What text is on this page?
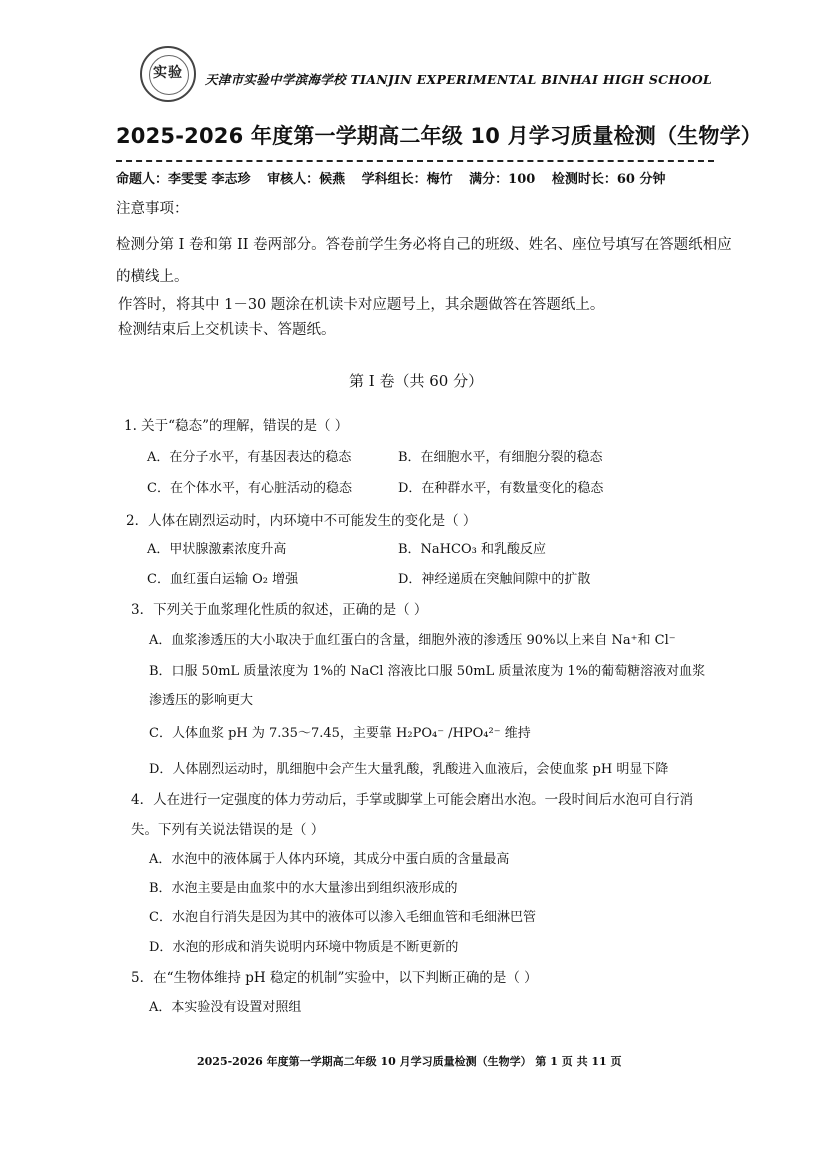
实验 天津市实验中学滨海学校 TIANJIN EXPERIMENTAL BINHAI HIGH SCHOOL
2025-2026 年度第一学期高二年级 10 月学习质量检测（生物学）
命题人：李雯雯 李志珍 审核人：候燕 学科组长：梅竹 满分：100 检测时长：60 分钟
注意事项：
检测分第 I 卷和第 II 卷两部分。答卷前学生务必将自己的班级、姓名、座位号填写在答题纸相应
的横线上。
作答时，将其中 1－30 题涂在机读卡对应题号上，其余题做答在答题纸上。
检测结束后上交机读卡、答题纸。
第 I 卷（共 60 分）
1. 关于“稳态”的理解，错误的是（ ）
A．在分子水平，有基因表达的稳态	B．在细胞水平，有细胞分裂的稳态
C．在个体水平，有心脏活动的稳态	D．在种群水平，有数量变化的稳态
2．人体在剧烈运动时，内环境中不可能发生的变化是（ ）
A．甲状腺激素浓度升高	B．NaHCO₃ 和乳酸反应
C．血红蛋白运输 O₂ 增强	D．神经递质在突触间隙中的扩散
3．下列关于血浆理化性质的叙述，正确的是（ ）
A．血浆渗透压的大小取决于血红蛋白的含量，细胞外液的渗透压 90%以上来自 Na⁺和 Cl⁻
B．口服 50mL 质量浓度为 1%的 NaCl 溶液比口服 50mL 质量浓度为 1%的葡萄糖溶液对血浆
渗透压的影响更大
C．人体血浆 pH 为 7.35～7.45，主要靠 H₂PO₄⁻ /HPO₄²⁻ 维持
D．人体剧烈运动时，肌细胞中会产生大量乳酸，乳酸进入血液后，会使血浆 pH 明显下降
4．人在进行一定强度的体力劳动后，手掌或脚掌上可能会磨出水泡。一段时间后水泡可自行消
失。下列有关说法错误的是（ ）
A．水泡中的液体属于人体内环境，其成分中蛋白质的含量最高
B．水泡主要是由血浆中的水大量渗出到组织液形成的
C．水泡自行消失是因为其中的液体可以渗入毛细血管和毛细淋巴管
D．水泡的形成和消失说明内环境中物质是不断更新的
5．在“生物体维持 pH 稳定的机制”实验中，以下判断正确的是（ ）
A．本实验没有设置对照组
2025-2026 年度第一学期高二年级 10 月学习质量检测（生物学） 第 1 页 共 11 页
